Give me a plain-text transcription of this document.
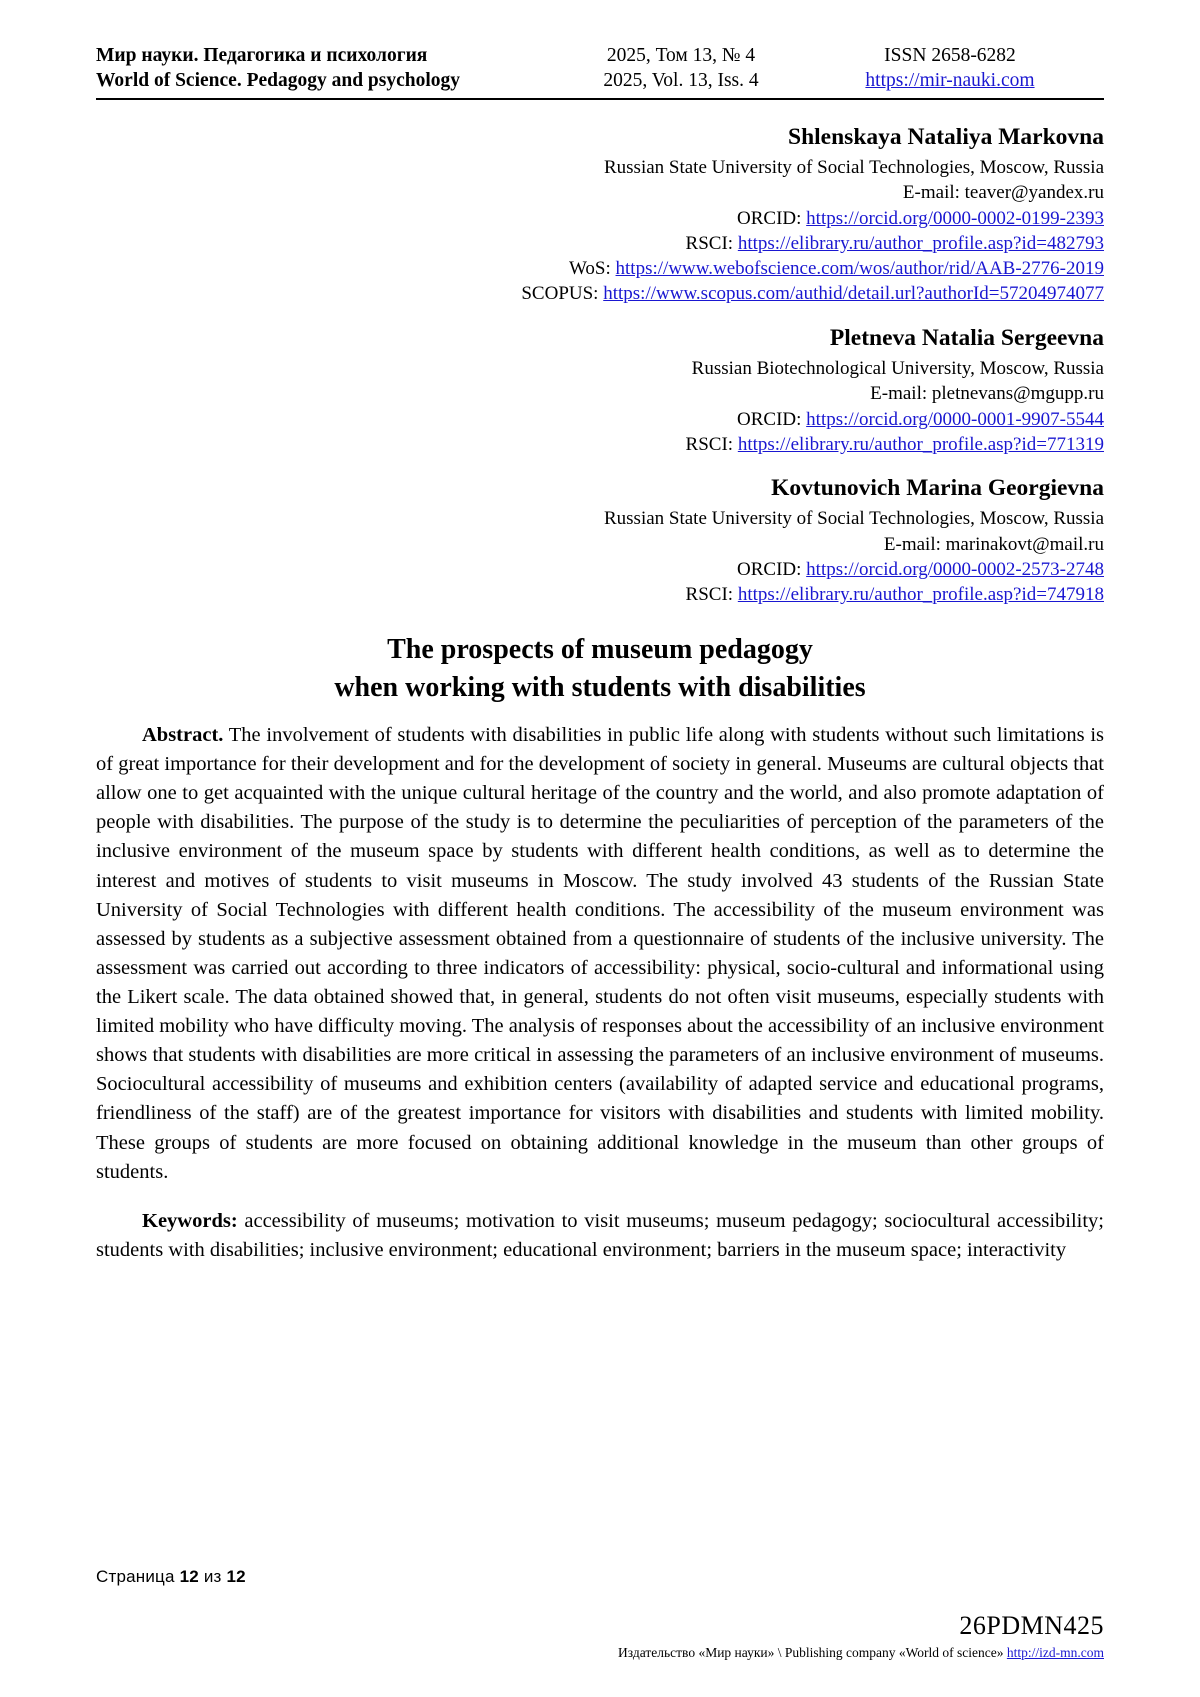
Мир науки. Педагогика и психология	2025, Том 13, № 4	ISSN 2658-6282
World of Science. Pedagogy and psychology	2025, Vol. 13, Iss. 4	https://mir-nauki.com
Shlenskaya Nataliya Markovna
Russian State University of Social Technologies, Moscow, Russia
E-mail: teaver@yandex.ru
ORCID: https://orcid.org/0000-0002-0199-2393
RSCI: https://elibrary.ru/author_profile.asp?id=482793
WoS: https://www.webofscience.com/wos/author/rid/AAB-2776-2019
SCOPUS: https://www.scopus.com/authid/detail.url?authorId=57204974077
Pletneva Natalia Sergeevna
Russian Biotechnological University, Moscow, Russia
E-mail: pletnevans@mgupp.ru
ORCID: https://orcid.org/0000-0001-9907-5544
RSCI: https://elibrary.ru/author_profile.asp?id=771319
Kovtunovich Marina Georgievna
Russian State University of Social Technologies, Moscow, Russia
E-mail: marinakovt@mail.ru
ORCID: https://orcid.org/0000-0002-2573-2748
RSCI: https://elibrary.ru/author_profile.asp?id=747918
The prospects of museum pedagogy
when working with students with disabilities

Abstract. The involvement of students with disabilities in public life along with students without such limitations is of great importance for their development and for the development of society in general. Museums are cultural objects that allow one to get acquainted with the unique cultural heritage of the country and the world, and also promote adaptation of people with disabilities. The purpose of the study is to determine the peculiarities of perception of the parameters of the inclusive environment of the museum space by students with different health conditions, as well as to determine the interest and motives of students to visit museums in Moscow. The study involved 43 students of the Russian State University of Social Technologies with different health conditions. The accessibility of the museum environment was assessed by students as a subjective assessment obtained from a questionnaire of students of the inclusive university. The assessment was carried out according to three indicators of accessibility: physical, socio-cultural and informational using the Likert scale. The data obtained showed that, in general, students do not often visit museums, especially students with limited mobility who have difficulty moving. The analysis of responses about the accessibility of an inclusive environment shows that students with disabilities are more critical in assessing the parameters of an inclusive environment of museums. Sociocultural accessibility of museums and exhibition centers (availability of adapted service and educational programs, friendliness of the staff) are of the greatest importance for visitors with disabilities and students with limited mobility. These groups of students are more focused on obtaining additional knowledge in the museum than other groups of students.

Keywords: accessibility of museums; motivation to visit museums; museum pedagogy; sociocultural accessibility; students with disabilities; inclusive environment; educational environment; barriers in the museum space; interactivity

Страница 12 из 12
26PDMN425
Издательство «Мир науки» \ Publishing company «World of science» http://izd-mn.com
